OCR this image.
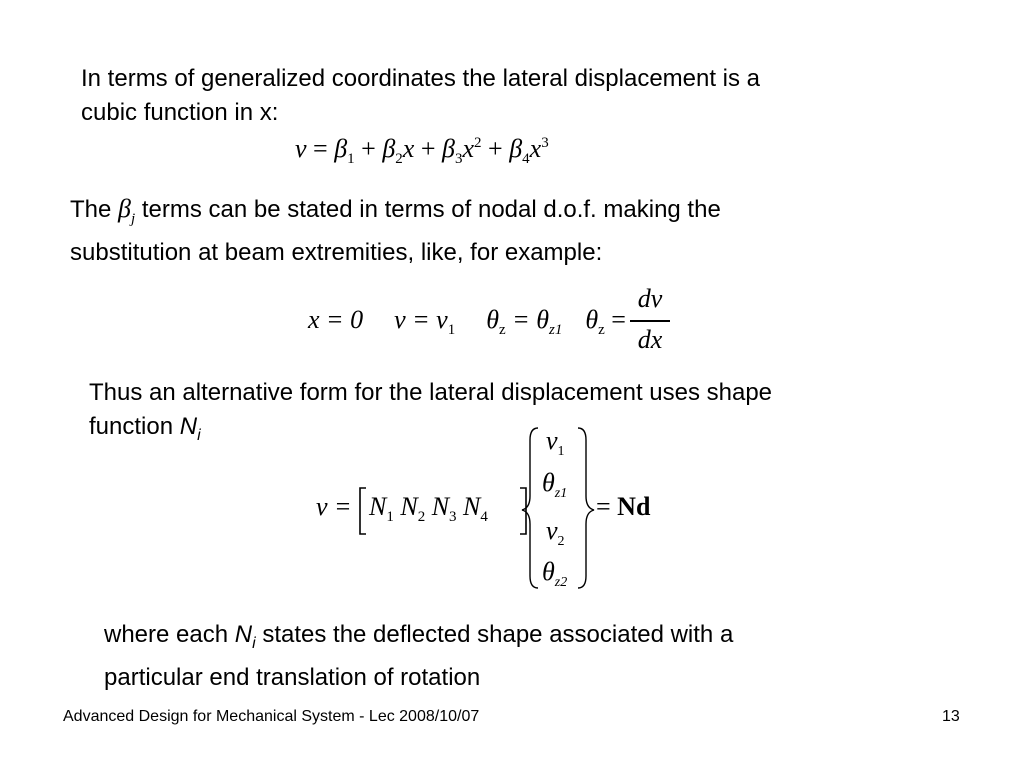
In terms of generalized coordinates the lateral displacement is a
cubic function in x:
$v = \beta_1 + \beta_2x + \beta_3x^2 + \beta_4x^3$
The $\beta_j$ terms can be stated in terms of nodal d.o.f. making the
substitution at beam extremities, like, for example:
x = 0 $v = v_1$ $\theta_z = \theta_{z1}$ $\theta_z$ =
dv
dx
Thus an alternative form for the lateral displacement uses shape
function $N_i$
$v = N_1$ $N_2$ $N_3$ $N_4$
$v_1$
$\theta_{z1}$
$v_2$
$\theta_{z2}$
= Nd
where each $N_i$ states the deflected shape associated with a
particular end translation of rotation
Advanced Design for Mechanical System - Lec 2008/10/07	13
